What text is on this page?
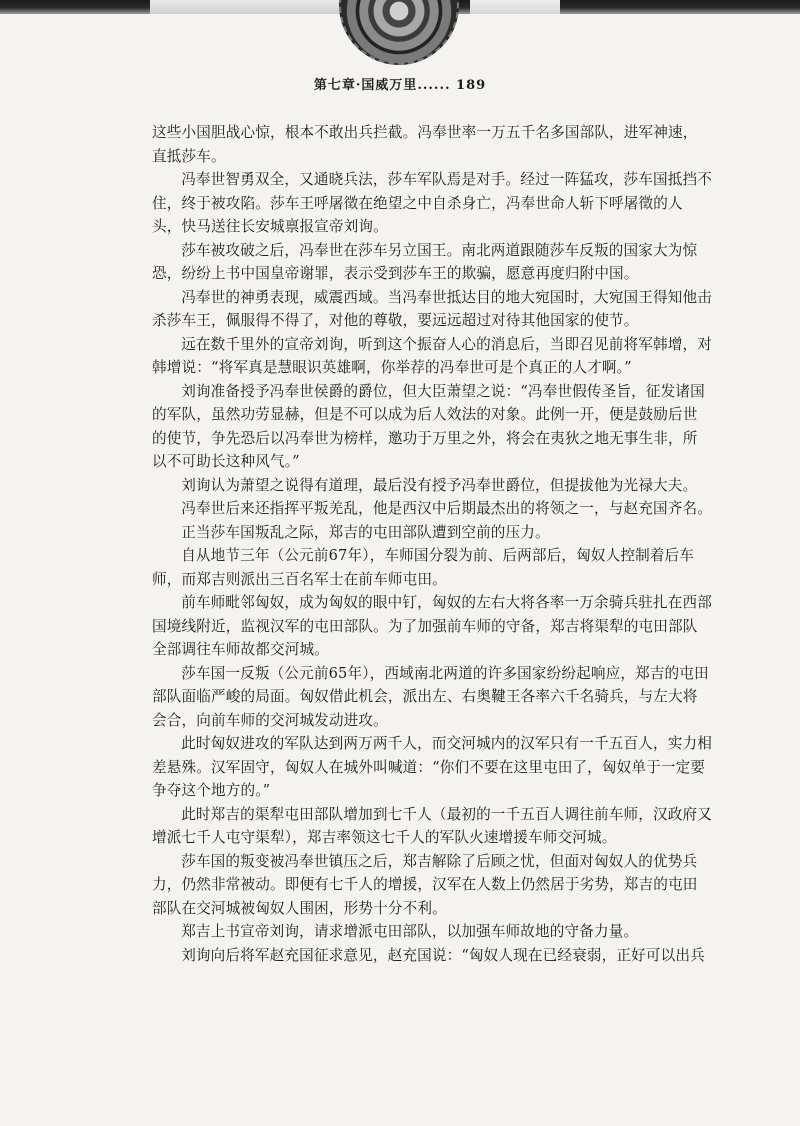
第七章·国威万里...... 189

这些小国胆战心惊，根本不敢出兵拦截。冯奉世率一万五千名多国部队，进军神速，直抵莎车。

冯奉世智勇双全，又通晓兵法，莎车军队焉是对手。经过一阵猛攻，莎车国抵挡不住，终于被攻陷。莎车王呼屠徵在绝望之中自杀身亡，冯奉世命人斩下呼屠徵的人头，快马送往长安城禀报宣帝刘询。

莎车被攻破之后，冯奉世在莎车另立国王。南北两道跟随莎车反叛的国家大为惊恐，纷纷上书中国皇帝谢罪，表示受到莎车王的欺骗，愿意再度归附中国。

冯奉世的神勇表现，威震西域。当冯奉世抵达目的地大宛国时，大宛国王得知他击杀莎车王，佩服得不得了，对他的尊敬，要远远超过对待其他国家的使节。

远在数千里外的宣帝刘询，听到这个振奋人心的消息后，当即召见前将军韩增，对韩增说：“将军真是慧眼识英雄啊，你举荐的冯奉世可是个真正的人才啊。”

刘询准备授予冯奉世侯爵的爵位，但大臣萧望之说：“冯奉世假传圣旨，征发诸国的军队，虽然功劳显赫，但是不可以成为后人效法的对象。此例一开，便是鼓励后世的使节，争先恐后以冯奉世为榜样，邀功于万里之外，将会在夷狄之地无事生非，所以不可助长这种风气。”

刘询认为萧望之说得有道理，最后没有授予冯奉世爵位，但提拔他为光禄大夫。

冯奉世后来还指挥平叛羌乱，他是西汉中后期最杰出的将领之一，与赵充国齐名。

正当莎车国叛乱之际，郑吉的屯田部队遭到空前的压力。

自从地节三年（公元前67年），车师国分裂为前、后两部后，匈奴人控制着后车师，而郑吉则派出三百名军士在前车师屯田。

前车师毗邻匈奴，成为匈奴的眼中钉，匈奴的左右大将各率一万余骑兵驻扎在西部国境线附近，监视汉军的屯田部队。为了加强前车师的守备，郑吉将渠犁的屯田部队全部调往车师故都交河城。

莎车国一反叛（公元前65年），西域南北两道的许多国家纷纷起响应，郑吉的屯田部队面临严峻的局面。匈奴借此机会，派出左、右奥鞬王各率六千名骑兵，与左大将会合，向前车师的交河城发动进攻。

此时匈奴进攻的军队达到两万两千人，而交河城内的汉军只有一千五百人，实力相差悬殊。汉军固守，匈奴人在城外叫喊道：“你们不要在这里屯田了，匈奴单于一定要争夺这个地方的。”

此时郑吉的渠犁屯田部队增加到七千人（最初的一千五百人调往前车师，汉政府又增派七千人屯守渠犁），郑吉率领这七千人的军队火速增援车师交河城。

莎车国的叛变被冯奉世镇压之后，郑吉解除了后顾之忧，但面对匈奴人的优势兵力，仍然非常被动。即便有七千人的增援，汉军在人数上仍然居于劣势，郑吉的屯田部队在交河城被匈奴人围困，形势十分不利。

郑吉上书宣帝刘询，请求增派屯田部队，以加强车师故地的守备力量。

刘询向后将军赵充国征求意见，赵充国说：“匈奴人现在已经衰弱，正好可以出兵
